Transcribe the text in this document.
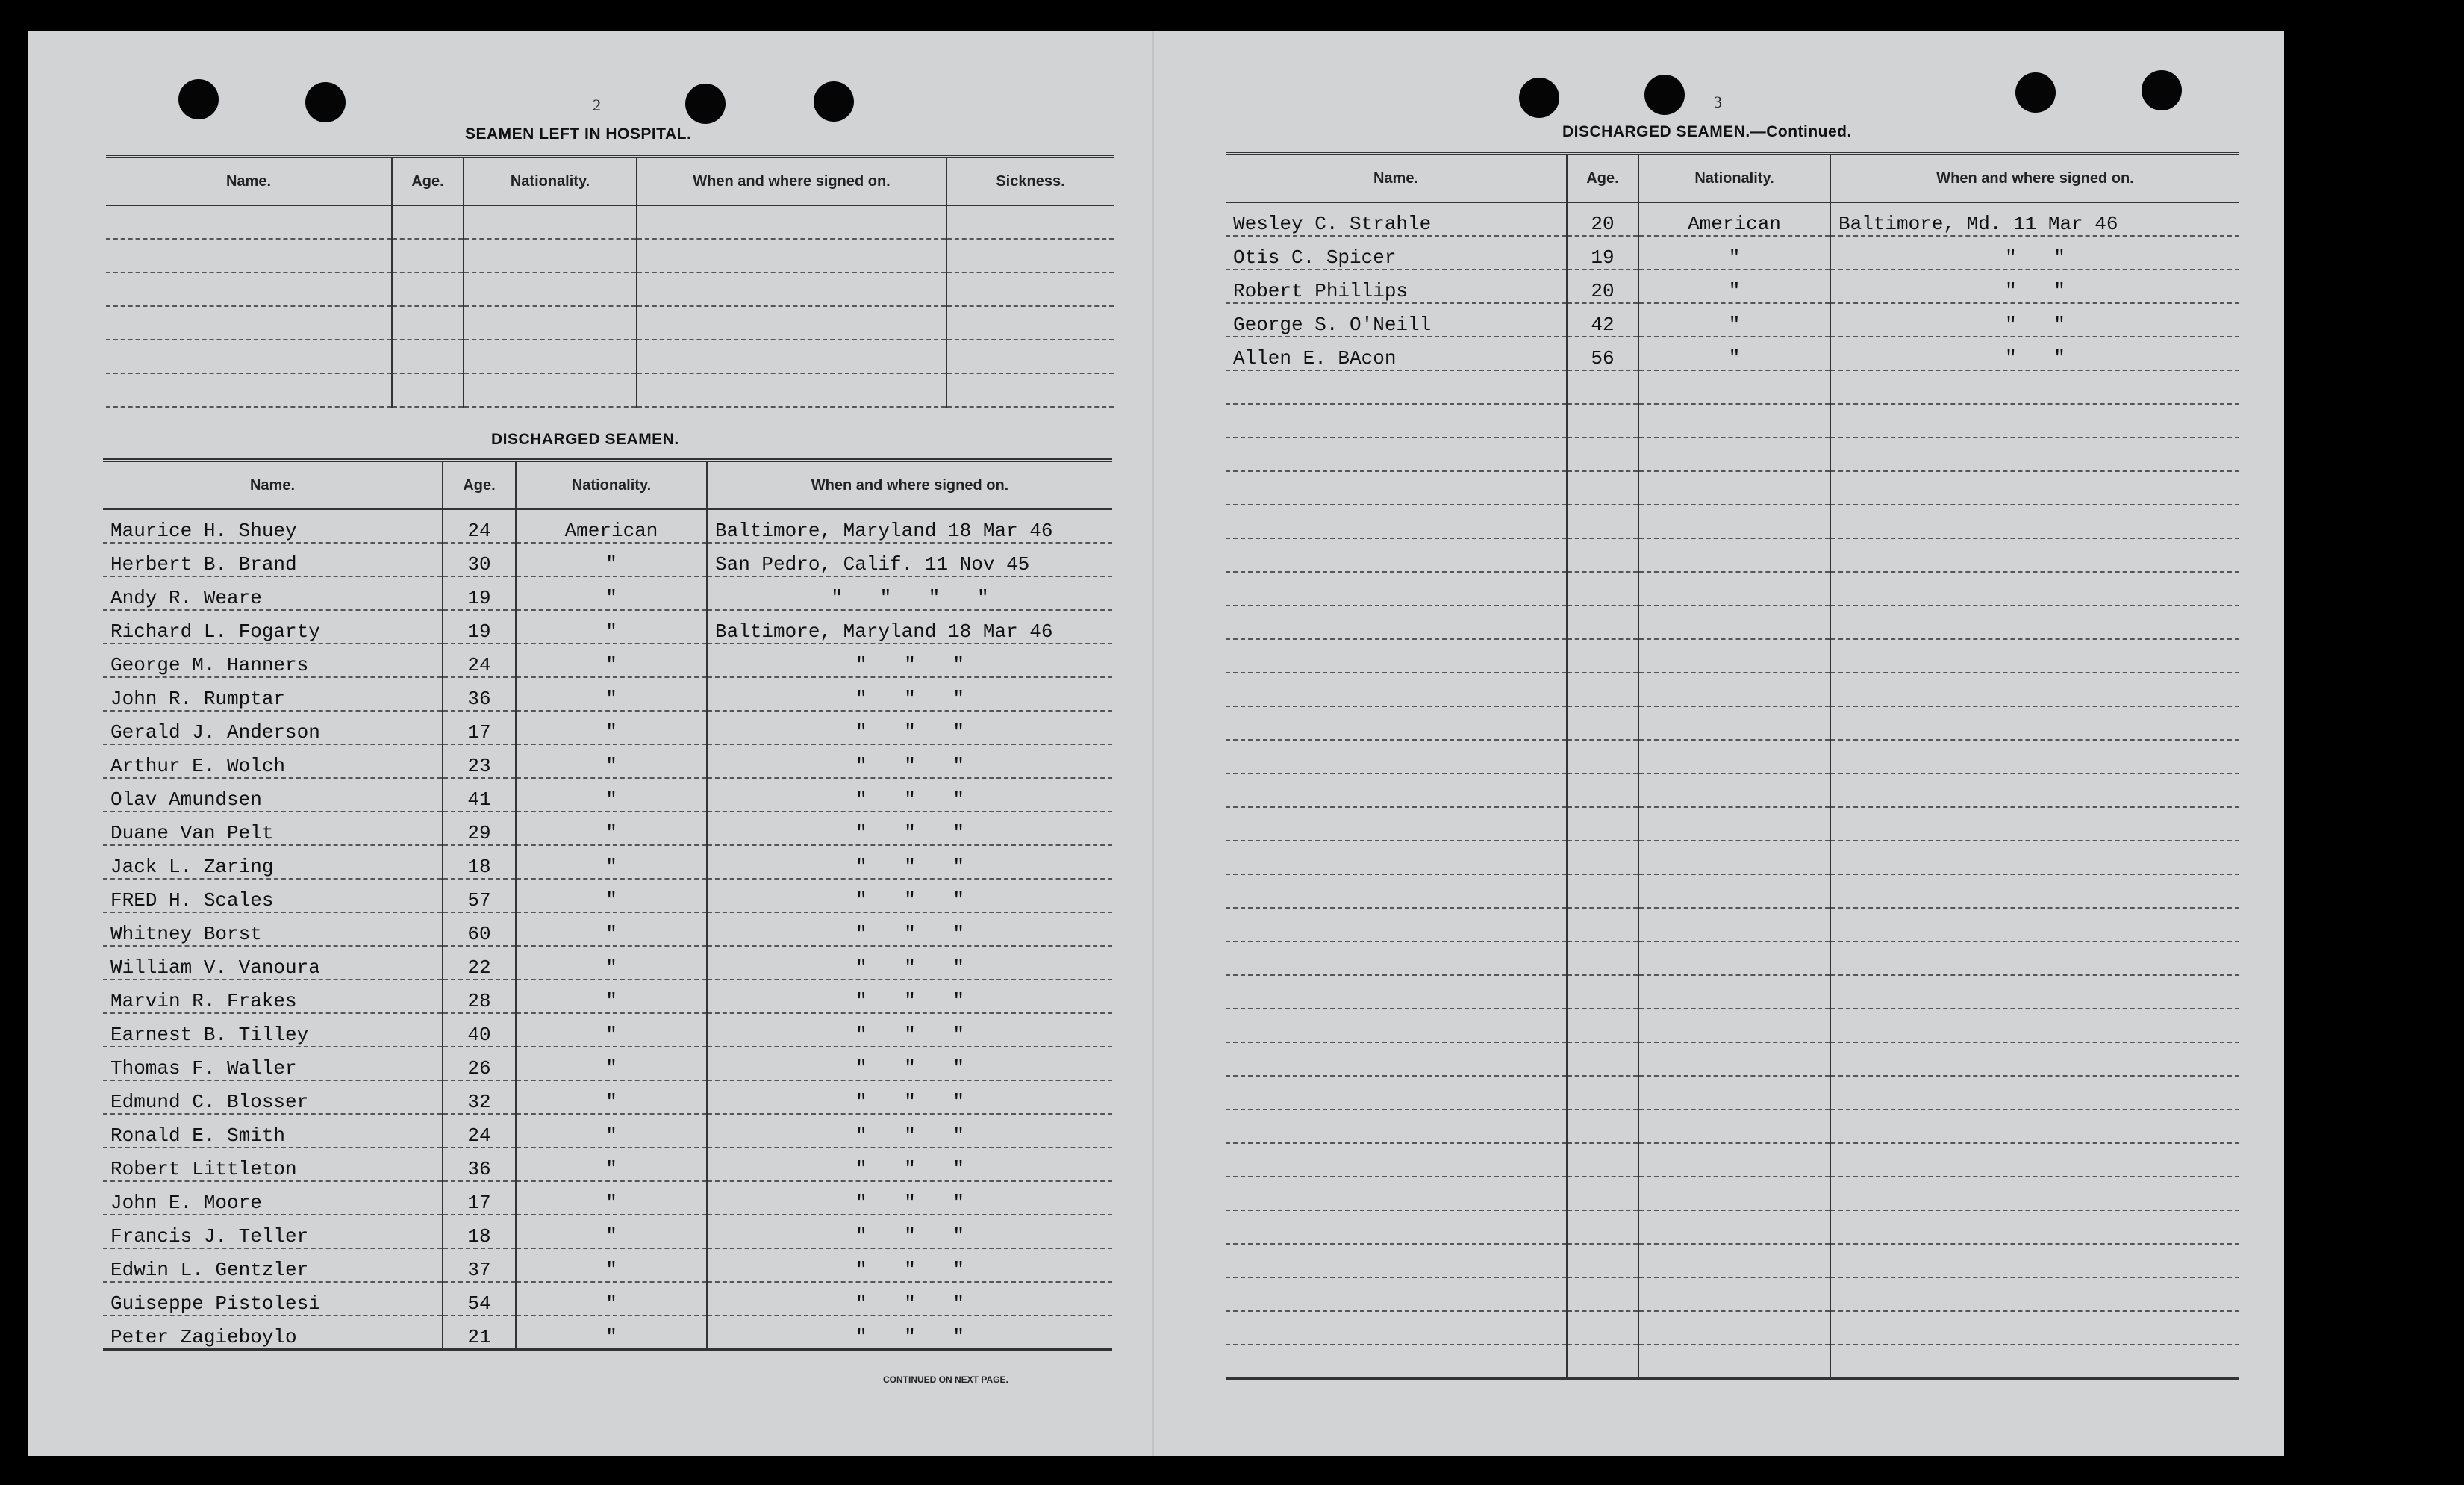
2
SEAMEN LEFT IN HOSPITAL.
Name.	Age.	Nationality.	When and where signed on.	Sickness.

DISCHARGED SEAMEN.
Name.	Age.	Nationality.	When and where signed on.
Maurice H. Shuey	24	American	Baltimore, Maryland 18 Mar 46
Herbert B. Brand	30	"	San Pedro, Calif. 11 Nov 45
Andy R. Weare	19	"	" " " "
Richard L. Fogarty	19	"	Baltimore, Maryland 18 Mar 46
George M. Hanners	24	"	" " "
John R. Rumptar	36	"	" " "
Gerald J. Anderson	17	"	" " "
Arthur E. Wolch	23	"	" " "
Olav Amundsen	41	"	" " "
Duane Van Pelt	29	"	" " "
Jack L. Zaring	18	"	" " "
FRED H. Scales	57	"	" " "
Whitney Borst	60	"	" " "
William V. Vanoura	22	"	" " "
Marvin R. Frakes	28	"	" " "
Earnest B. Tilley	40	"	" " "
Thomas F. Waller	26	"	" " "
Edmund C. Blosser	32	"	" " "
Ronald E. Smith	24	"	" " "
Robert Littleton	36	"	" " "
John E. Moore	17	"	" " "
Francis J. Teller	18	"	" " "
Edwin L. Gentzler	37	"	" " "
Guiseppe Pistolesi	54	"	" " "
Peter Zagieboylo	21	"	" " "
CONTINUED ON NEXT PAGE.
3
DISCHARGED SEAMEN.—Continued.
Name.	Age.	Nationality.	When and where signed on.
Wesley C. Strahle	20	American	Baltimore, Md. 11 Mar 46
Otis C. Spicer	19	"	" "
Robert Phillips	20	"	" "
George S. O'Neill	42	"	" "
Allen E. BAcon	56	"	" "
